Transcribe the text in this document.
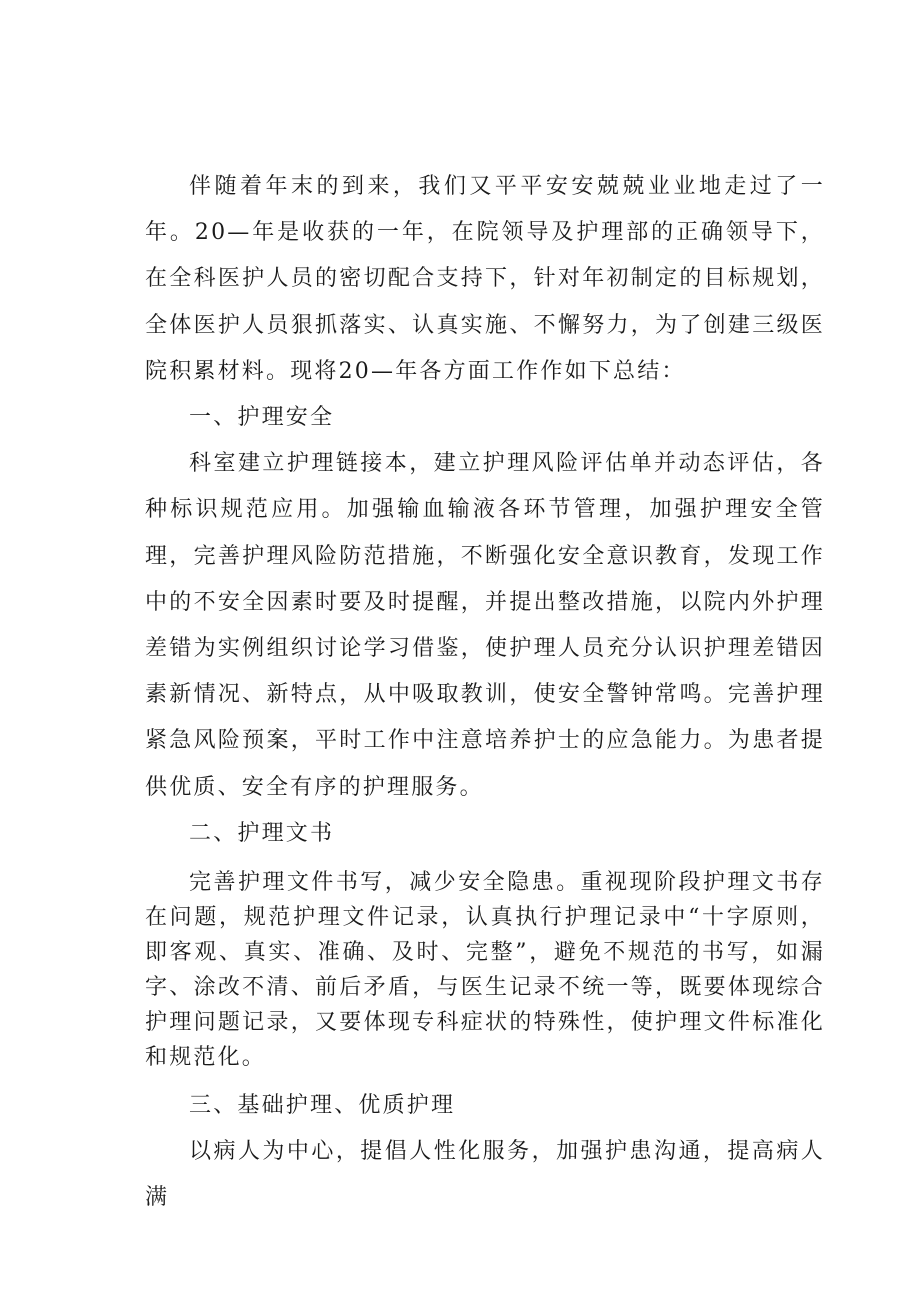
伴随着年末的到来，我们又平平安安兢兢业业地走过了一年。20—年是收获的一年，在院领导及护理部的正确领导下，在全科医护人员的密切配合支持下，针对年初制定的目标规划，全体医护人员狠抓落实、认真实施、不懈努力，为了创建三级医院积累材料。现将20—年各方面工作作如下总结：

一、护理安全

科室建立护理链接本，建立护理风险评估单并动态评估，各种标识规范应用。加强输血输液各环节管理，加强护理安全管理，完善护理风险防范措施，不断强化安全意识教育，发现工作中的不安全因素时要及时提醒，并提出整改措施，以院内外护理差错为实例组织讨论学习借鉴，使护理人员充分认识护理差错因素新情况、新特点，从中吸取教训，使安全警钟常鸣。完善护理紧急风险预案，平时工作中注意培养护士的应急能力。为患者提供优质、安全有序的护理服务。

二、护理文书

完善护理文件书写，减少安全隐患。重视现阶段护理文书存在问题，规范护理文件记录，认真执行护理记录中“十字原则，即客观、真实、准确、及时、完整”，避免不规范的书写，如漏字、涂改不清、前后矛盾，与医生记录不统一等，既要体现综合护理问题记录，又要体现专科症状的特殊性，使护理文件标准化和规范化。

三、基础护理、优质护理

以病人为中心，提倡人性化服务，加强护患沟通，提高病人满
